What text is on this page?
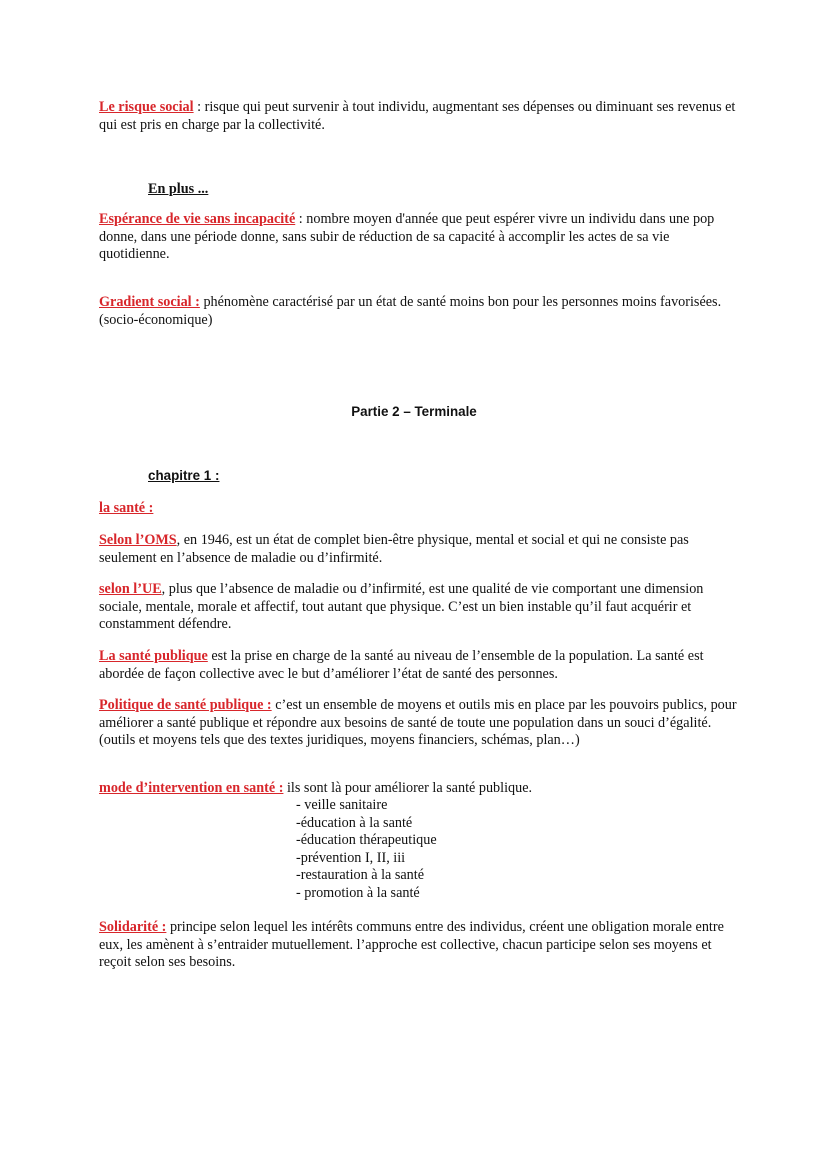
Le risque social : risque qui peut survenir à tout individu, augmentant ses dépenses ou diminuant ses revenus et qui est pris en charge par la collectivité.

En plus ...

Espérance de vie sans incapacité : nombre moyen d'année que peut espérer vivre un individu dans une pop donne, dans une période donne, sans subir de réduction de sa capacité à accomplir les actes de sa vie quotidienne.

Gradient social : phénomène caractérisé par un état de santé moins bon pour les personnes moins favorisées. (socio-économique)

Partie 2 – Terminale

chapitre 1 :

la santé :

Selon l’OMS, en 1946, est un état de complet bien-être physique, mental et social et qui ne consiste pas seulement en l’absence de maladie ou d’infirmité.

selon l’UE, plus que l’absence de maladie ou d’infirmité, est une qualité de vie comportant une dimension sociale, mentale, morale et affectif, tout autant que physique. C’est un bien instable qu’il faut acquérir et constamment défendre.

La santé publique est la prise en charge de la santé au niveau de l’ensemble de la population. La santé est abordée de façon collective avec le but d’améliorer l’état de santé des personnes.

Politique de santé publique : c’est un ensemble de moyens et outils mis en place par les pouvoirs publics, pour améliorer a santé publique et répondre aux besoins de santé de toute une population dans un souci d’égalité.
(outils et moyens tels que des textes juridiques, moyens financiers, schémas, plan…)

mode d’intervention en santé : ils sont là pour améliorer la santé publique.

- veille sanitaire
-éducation à la santé
-éducation thérapeutique
-prévention I, II, iii
-restauration à la santé
- promotion à la santé

Solidarité : principe selon lequel les intérêts communs entre des individus, créent une obligation morale entre eux, les amènent à s’entraider mutuellement. l’approche est collective, chacun participe selon ses moyens et reçoit selon ses besoins.
